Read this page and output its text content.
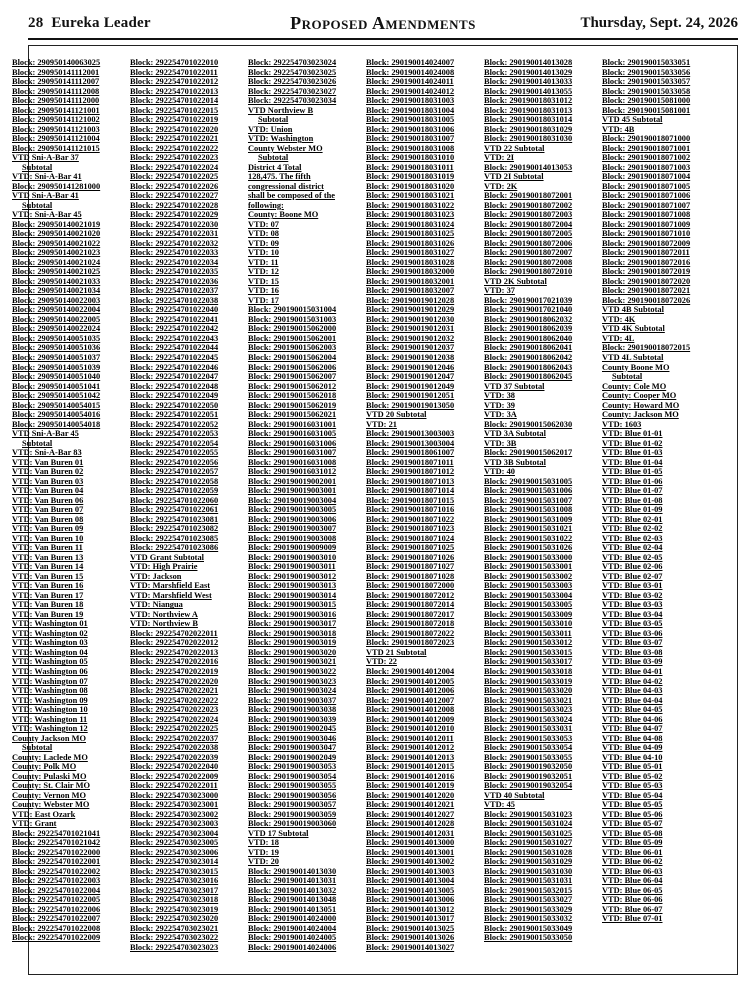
28 Eureka Leader	Proposed Amendments	Thursday, Sept. 24, 2026
Block: 290950140063025
Block: 290950141112001
Block: 290950141112007
Block: 290950141112008
Block: 290950141112000
Block: 290950141121001
Block: 290950141121002
Block: 290950141121003
Block: 290950141121004
Block: 290950141121015
VTD Sni-A-Bar 37
Subtotal
VTD: Sni-A-Bar 41
Block: 290950141281000
VTD Sni-A-Bar 41
Subtotal
VTD: Sni-A-Bar 45
Block: 290950140021019
Block: 290950140021020
Block: 290950140021022
Block: 290950140021023
Block: 290950140021024
Block: 290950140021025
Block: 290950140021033
Block: 290950140021034
Block: 290950140022003
Block: 290950140022004
Block: 290950140022005
Block: 290950140022024
Block: 290950140051035
Block: 290950140051036
Block: 290950140051037
Block: 290950140051039
Block: 290950140051040
Block: 290950140051041
Block: 290950140051042
Block: 290950140054015
Block: 290950140054016
Block: 290950140054018
VTD Sni-A-Bar 45
Subtotal
VTD: Sni-A-Bar 83
VTD: Van Buren 01
VTD: Van Buren 02
VTD: Van Buren 03
VTD: Van Buren 04
VTD: Van Buren 06
VTD: Van Buren 07
VTD: Van Buren 08
VTD: Van Buren 09
VTD: Van Buren 10
VTD: Van Buren 11
VTD: Van Buren 13
VTD: Van Buren 14
VTD: Van Buren 15
VTD: Van Buren 16
VTD: Van Buren 17
VTD: Van Buren 18
VTD: Van Buren 19
VTD: Washington 01
VTD: Washington 02
VTD: Washington 03
VTD: Washington 04
VTD: Washington 05
VTD: Washington 06
VTD: Washington 07
VTD: Washington 08
VTD: Washington 09
VTD: Washington 10
VTD: Washington 11
VTD: Washington 12
County Jackson MO
Subtotal
County: Laclede MO
County: Polk MO
County: Pulaski MO
County: St. Clair MO
County: Vernon MO
County: Webster MO
VTD: East Ozark
VTD: Grant
Block: 292254701021041
Block: 292254701021042
Block: 292254701022000
Block: 292254701022001
Block: 292254701022002
Block: 292254701022003
Block: 292254701022004
Block: 292254701022005
Block: 292254701022006
Block: 292254701022007
Block: 292254701022008
Block: 292254701022009
Block: 292254701022010
Block: 292254701022011
Block: 292254701022012
Block: 292254701022013
Block: 292254701022014
Block: 292254701022015
Block: 292254701022019
Block: 292254701022020
Block: 292254701022021
Block: 292254701022022
Block: 292254701022023
Block: 292254701022024
Block: 292254701022025
Block: 292254701022026
Block: 292254701022027
Block: 292254701022028
Block: 292254701022029
Block: 292254701022030
Block: 292254701022031
Block: 292254701022032
Block: 292254701022033
Block: 292254701022034
Block: 292254701022035
Block: 292254701022036
Block: 292254701022037
Block: 292254701022038
Block: 292254701022040
Block: 292254701022041
Block: 292254701022042
Block: 292254701022043
Block: 292254701022044
Block: 292254701022045
Block: 292254701022046
Block: 292254701022047
Block: 292254701022048
Block: 292254701022049
Block: 292254701022050
Block: 292254701022051
Block: 292254701022052
Block: 292254701022053
Block: 292254701022054
Block: 292254701022055
Block: 292254701022056
Block: 292254701022057
Block: 292254701022058
Block: 292254701022059
Block: 292254701022060
Block: 292254701022061
Block: 292254701023081
Block: 292254701023082
Block: 292254701023085
Block: 292254701023086
VTD Grant Subtotal
VTD: High Prairie
VTD: Jackson
VTD: Marshfield East
VTD: Marshfield West
VTD: Niangua
VTD: Northview A
VTD: Northview B
Block: 292254702022011
Block: 292254702022012
Block: 292254702022013
Block: 292254702022016
Block: 292254702022019
Block: 292254702022020
Block: 292254702022021
Block: 292254702022022
Block: 292254702022023
Block: 292254702022024
Block: 292254702022025
Block: 292254702022037
Block: 292254702022038
Block: 292254702022039
Block: 292254702022040
Block: 292254702022009
Block: 292254702022011
Block: 292254703023000
Block: 292254703023001
Block: 292254703023002
Block: 292254703023003
Block: 292254703023004
Block: 292254703023005
Block: 292254703023006
Block: 292254703023014
Block: 292254703023015
Block: 292254703023016
Block: 292254703023017
Block: 292254703023018
Block: 292254703023019
Block: 292254703023020
Block: 292254703023021
Block: 292254703023022
Block: 292254703023023
Block: 292254703023024
Block: 292254703023025
Block: 292254703023026
Block: 292254703023027
Block: 292254703023034
VTD Northview B
Subtotal
VTD: Union
VTD: Washington
County Webster MO
Subtotal
District 4 Total
128,475. The fifth
congressional district
shall be composed of the
following:
County: Boone MO
VTD: 07
VTD: 08
VTD: 09
VTD: 10
VTD: 11
VTD: 12
VTD: 15
VTD: 16
VTD: 17
Block: 290190015031004
Block: 290190015031003
Block: 290190015062000
Block: 290190015062001
Block: 290190015062003
Block: 290190015062004
Block: 290190015062006
Block: 290190015062007
Block: 290190015062012
Block: 290190015062018
Block: 290190015062019
Block: 290190015062021
Block: 290190016031001
Block: 290190016031005
Block: 290190016031006
Block: 290190016031007
Block: 290190016031008
Block: 290190016031012
Block: 290190019002001
Block: 290190019003001
Block: 290190019003004
Block: 290190019003005
Block: 290190019003006
Block: 290190019003007
Block: 290190019003008
Block: 290190019009009
Block: 290190019003010
Block: 290190019003011
Block: 290190019003012
Block: 290190019003013
Block: 290190019003014
Block: 290190019003015
Block: 290190019003016
Block: 290190019003017
Block: 290190019003018
Block: 290190019003019
Block: 290190019003020
Block: 290190019003021
Block: 290190019003022
Block: 290190019003023
Block: 290190019003024
Block: 290190019003037
Block: 290190019003038
Block: 290190019003039
Block: 290190019002045
Block: 290190019003046
Block: 290190019003047
Block: 290190019002049
Block: 290190019003053
Block: 290190019003054
Block: 290190019003055
Block: 290190019003056
Block: 290190019003057
Block: 290190019003059
Block: 290190019003060
VTD 17 Subtotal
VTD: 18
VTD: 19
VTD: 20
Block: 290190014013030
Block: 290190014013031
Block: 290190014013032
Block: 290190014013048
Block: 290190014013051
Block: 290190014024000
Block: 290190014024004
Block: 290190014024005
Block: 290190014024006
Block: 290190014024007
Block: 290190014024008
Block: 290190014024011
Block: 290190014024012
Block: 290190018031003
Block: 290190018031004
Block: 290190018031005
Block: 290190018031006
Block: 290190018031007
Block: 290190018031008
Block: 290190018031010
Block: 290190018031011
Block: 290190018031019
Block: 290190018031020
Block: 290190018031021
Block: 290190018031022
Block: 290190018031023
Block: 290190018031024
Block: 290190018031025
Block: 290190018031026
Block: 290190018031027
Block: 290190018031028
Block: 290190018032000
Block: 290190018032001
Block: 290190018032007
Block: 290190019012028
Block: 290190019012029
Block: 290190019012030
Block: 290190019012031
Block: 290190019012032
Block: 290190019012037
Block: 290190019012038
Block: 290190019012046
Block: 290190019012047
Block: 290190019012049
Block: 290190019012051
Block: 290190019013050
VTD 20 Subtotal
VTD: 21
Block: 290190013003003
Block: 290190013003004
Block: 290190018061007
Block: 290190018071011
Block: 290190018071012
Block: 290190018071013
Block: 290190018071014
Block: 290190018071015
Block: 290190018071016
Block: 290190018071022
Block: 290190018071023
Block: 290190018071024
Block: 290190018071025
Block: 290190018071026
Block: 290190018071027
Block: 290190018071028
Block: 290190018072000
Block: 290190018072012
Block: 290190018072014
Block: 290190018072017
Block: 290190018072018
Block: 290190018072022
Block: 290190018072023
VTD 21 Subtotal
VTD: 22
Block: 290190014012004
Block: 290190014012005
Block: 290190014012006
Block: 290190014012007
Block: 290190014012008
Block: 290190014012009
Block: 290190014012010
Block: 290190014012011
Block: 290190014012012
Block: 290190014012013
Block: 290190014012015
Block: 290190014012016
Block: 290190014012019
Block: 290190014012020
Block: 290190014012021
Block: 290190014012027
Block: 290190014012028
Block: 290190014012031
Block: 290190014013000
Block: 290190014013001
Block: 290190014013002
Block: 290190014013003
Block: 290190014013004
Block: 290190014013005
Block: 290190014013006
Block: 290190014013012
Block: 290190014013017
Block: 290190014013025
Block: 290190014013026
Block: 290190014013027
Block: 290190014013028
Block: 290190014013029
Block: 290190014013033
Block: 290190014013055
Block: 290190018031012
Block: 290190018031013
Block: 290190018031014
Block: 290190018031029
Block: 290190018031030
VTD 22 Subtotal
VTD: 2I
Block: 290190014013053
VTD 2I Subtotal
VTD: 2K
Block: 290190018072001
Block: 290190018072002
Block: 290190018072003
Block: 290190018072004
Block: 290190018072005
Block: 290190018072006
Block: 290190018072007
Block: 290190018072008
Block: 290190018072010
VTD 2K Subtotal
VTD: 37
Block: 290190017021039
Block: 290190017021040
Block: 290190018062032
Block: 290190018062039
Block: 290190018062040
Block: 290190018062041
Block: 290190018062042
Block: 290190018062043
Block: 290190018062045
VTD 37 Subtotal
VTD: 38
VTD: 39
VTD: 3A
Block: 290190015062030
VTD 3A Subtotal
VTD: 3B
Block: 290190015062017
VTD 3B Subtotal
VTD: 40
Block: 290190015031005
Block: 290190015031006
Block: 290190015031007
Block: 290190015031008
Block: 290190015031009
Block: 290190015031021
Block: 290190015031022
Block: 290190015031026
Block: 290190015033000
Block: 290190015033001
Block: 290190015033002
Block: 290190015033003
Block: 290190015033004
Block: 290190015033005
Block: 290190015033009
Block: 290190015033010
Block: 290190015033011
Block: 290190015033012
Block: 290190015033015
Block: 290190015033017
Block: 290190015033018
Block: 290190015033019
Block: 290190015033020
Block: 290190015033021
Block: 290190015033023
Block: 290190015033024
Block: 290190015033031
Block: 290190015033053
Block: 290190015033054
Block: 290190015033055
Block: 290190019032050
Block: 290190019032051
Block: 290190019032054
VTD 40 Subtotal
VTD: 45
Block: 290190015031023
Block: 290190015031024
Block: 290190015031025
Block: 290190015031027
Block: 290190015031028
Block: 290190015031029
Block: 290190015031030
Block: 290190015031031
Block: 290190015032015
Block: 290190015033027
Block: 290190015033029
Block: 290190015033032
Block: 290190015033049
Block: 290190015033050
Block: 290190015033051
Block: 290190015033056
Block: 290190015033057
Block: 290190015033058
Block: 290190015081000
Block: 290190015081001
VTD 45 Subtotal
VTD: 4B
Block: 290190018071000
Block: 290190018071001
Block: 290190018071002
Block: 290190018071003
Block: 290190018071004
Block: 290190018071005
Block: 290190018071006
Block: 290190018071007
Block: 290190018071008
Block: 290190018071009
Block: 290190018071010
Block: 290190018072009
Block: 290190018072011
Block: 290190018072016
Block: 290190018072019
Block: 290190018072020
Block: 290190018072021
Block: 290190018072026
VTD 4B Subtotal
VTD: 4K
VTD 4K Subtotal
VTD: 4L
Block: 290190018072015
VTD 4L Subtotal
County Boone MO
Subtotal
County: Cole MO
County: Cooper MO
County: Howard MO
County: Jackson MO
VTD: 1603
VTD: Blue 01-01
VTD: Blue 01-02
VTD: Blue 01-03
VTD: Blue 01-04
VTD: Blue 01-05
VTD: Blue 01-06
VTD: Blue 01-07
VTD: Blue 01-08
VTD: Blue 01-09
VTD: Blue 02-01
VTD: Blue 02-02
VTD: Blue 02-03
VTD: Blue 02-04
VTD: Blue 02-05
VTD: Blue 02-06
VTD: Blue 02-07
VTD: Blue 03-01
VTD: Blue 03-02
VTD: Blue 03-03
VTD: Blue 03-04
VTD: Blue 03-05
VTD: Blue 03-06
VTD: Blue 03-07
VTD: Blue 03-08
VTD: Blue 03-09
VTD: Blue 04-01
VTD: Blue 04-02
VTD: Blue 04-03
VTD: Blue 04-04
VTD: Blue 04-05
VTD: Blue 04-06
VTD: Blue 04-07
VTD: Blue 04-08
VTD: Blue 04-09
VTD: Blue 04-10
VTD: Blue 05-01
VTD: Blue 05-02
VTD: Blue 05-03
VTD: Blue 05-04
VTD: Blue 05-05
VTD: Blue 05-06
VTD: Blue 05-07
VTD: Blue 05-08
VTD: Blue 05-09
VTD: Blue 06-01
VTD: Blue 06-02
VTD: Blue 06-03
VTD: Blue 06-04
VTD: Blue 06-05
VTD: Blue 06-06
VTD: Blue 06-07
VTD: Blue 07-01
